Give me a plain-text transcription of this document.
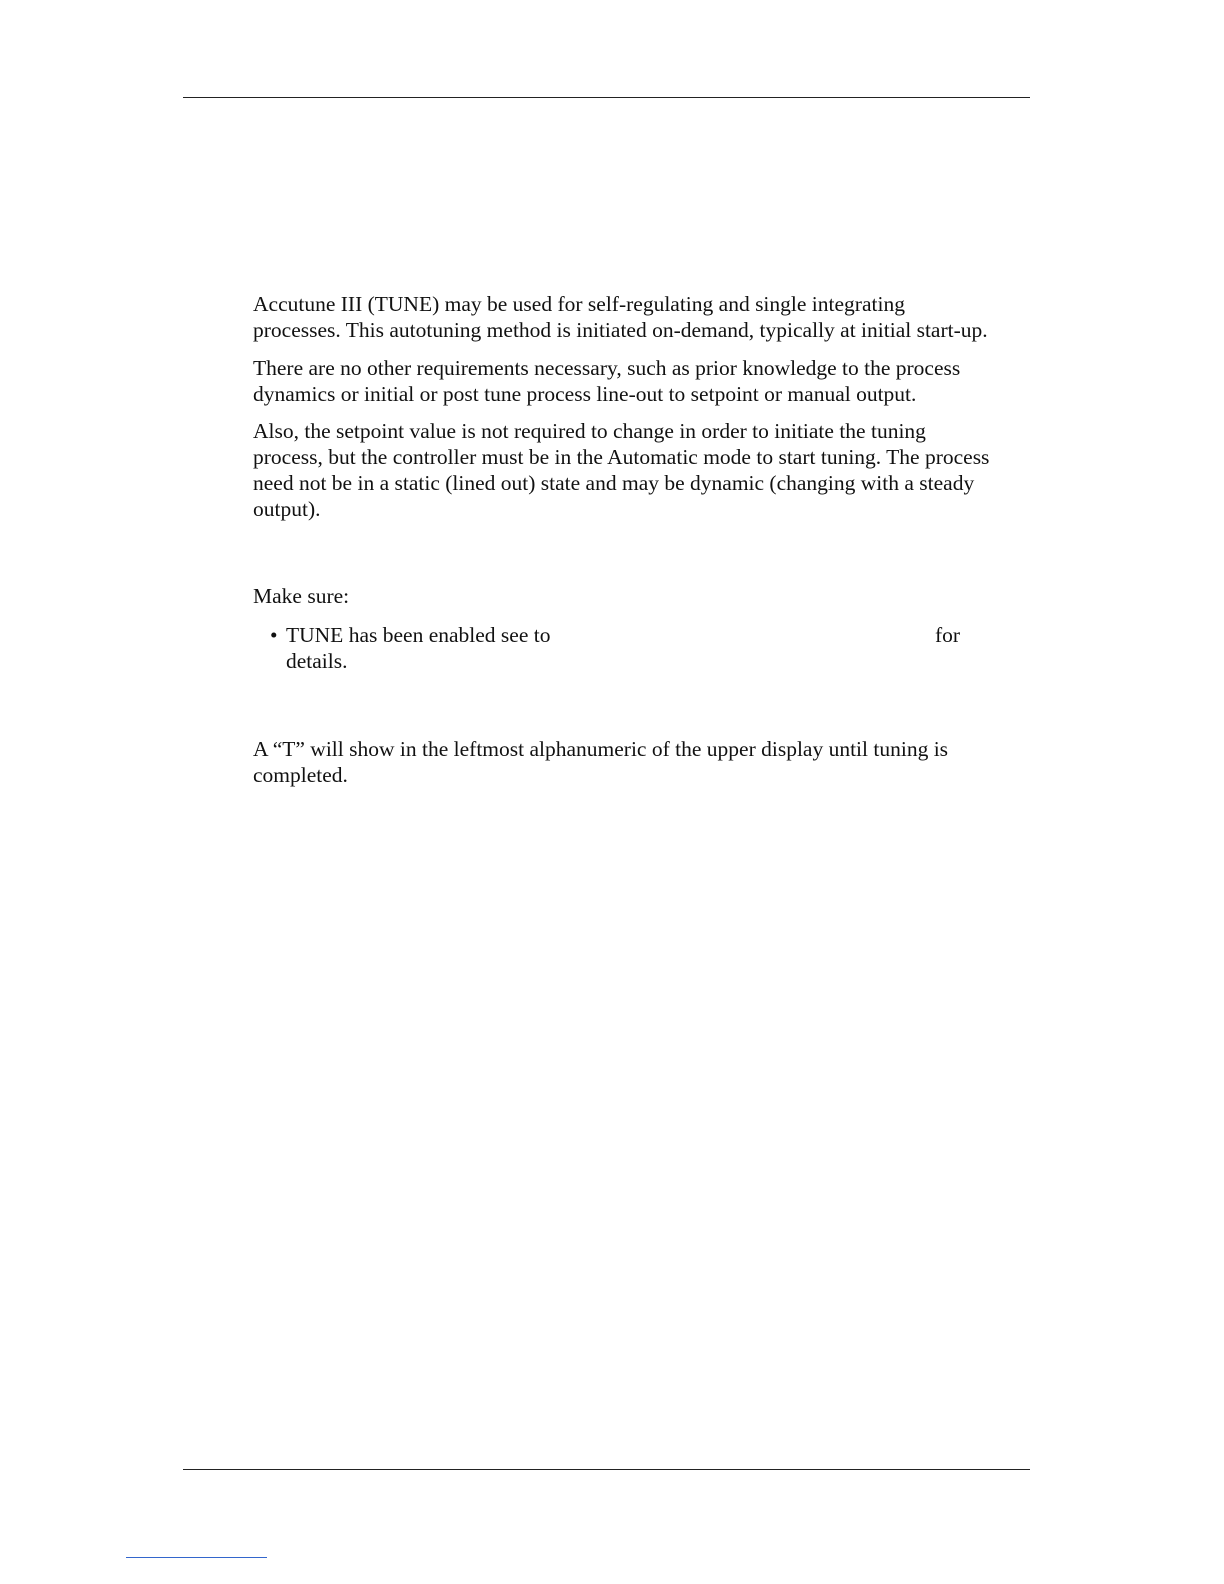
Accutune III (TUNE) may be used for self-regulating and single integrating
processes. This autotuning method is initiated on-demand, typically at initial start-up.

There are no other requirements necessary, such as prior knowledge to the process
dynamics or initial or post tune process line-out to setpoint or manual output.

Also, the setpoint value is not required to change in order to initiate the tuning
process, but the controller must be in the Automatic mode to start tuning. The process
need not be in a static (lined out) state and may be dynamic (changing with a steady
output).

Make sure:

• TUNE has been enabled see to
details.
for

A “T” will show in the leftmost alphanumeric of the upper display until tuning is
completed.
